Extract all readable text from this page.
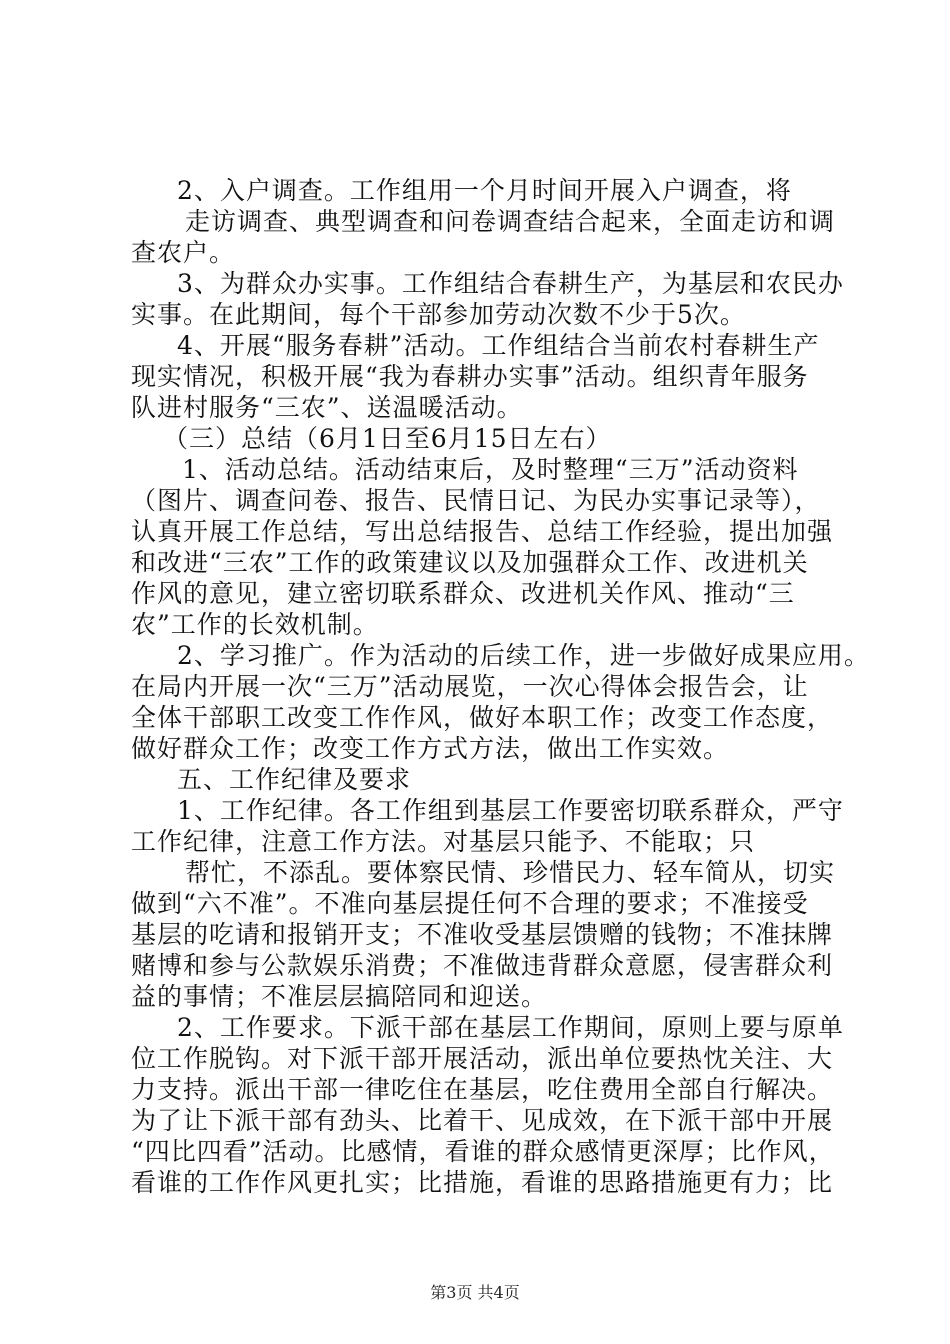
2、入户调查。工作组用一个月时间开展入户调查，将
走访调查、典型调查和问卷调查结合起来，全面走访和调
查农户。
3、为群众办实事。工作组结合春耕生产，为基层和农民办
实事。在此期间，每个干部参加劳动次数不少于5次。
4、开展“服务春耕”活动。工作组结合当前农村春耕生产
现实情况，积极开展“我为春耕办实事”活动。组织青年服务
队进村服务“三农”、送温暖活动。
（三）总结（6月1日至6月15日左右）
1、活动总结。活动结束后，及时整理“三万”活动资料
（图片、调查问卷、报告、民情日记、为民办实事记录等），
认真开展工作总结，写出总结报告、总结工作经验，提出加强
和改进“三农”工作的政策建议以及加强群众工作、改进机关
作风的意见，建立密切联系群众、改进机关作风、推动“三
农”工作的长效机制。
2、学习推广。作为活动的后续工作，进一步做好成果应用。
在局内开展一次“三万”活动展览，一次心得体会报告会，让
全体干部职工改变工作作风，做好本职工作；改变工作态度，
做好群众工作；改变工作方式方法，做出工作实效。
五、工作纪律及要求
1、工作纪律。各工作组到基层工作要密切联系群众，严守
工作纪律，注意工作方法。对基层只能予、不能取；只
帮忙，不添乱。要体察民情、珍惜民力、轻车简从，切实
做到“六不准”。不准向基层提任何不合理的要求；不准接受
基层的吃请和报销开支；不准收受基层馈赠的钱物；不准抹牌
赌博和参与公款娱乐消费；不准做违背群众意愿，侵害群众利
益的事情；不准层层搞陪同和迎送。
2、工作要求。下派干部在基层工作期间，原则上要与原单
位工作脱钩。对下派干部开展活动，派出单位要热忱关注、大
力支持。派出干部一律吃住在基层，吃住费用全部自行解决。
为了让下派干部有劲头、比着干、见成效，在下派干部中开展
“四比四看”活动。比感情，看谁的群众感情更深厚；比作风，
看谁的工作作风更扎实；比措施，看谁的思路措施更有力；比
第3页 共4页
